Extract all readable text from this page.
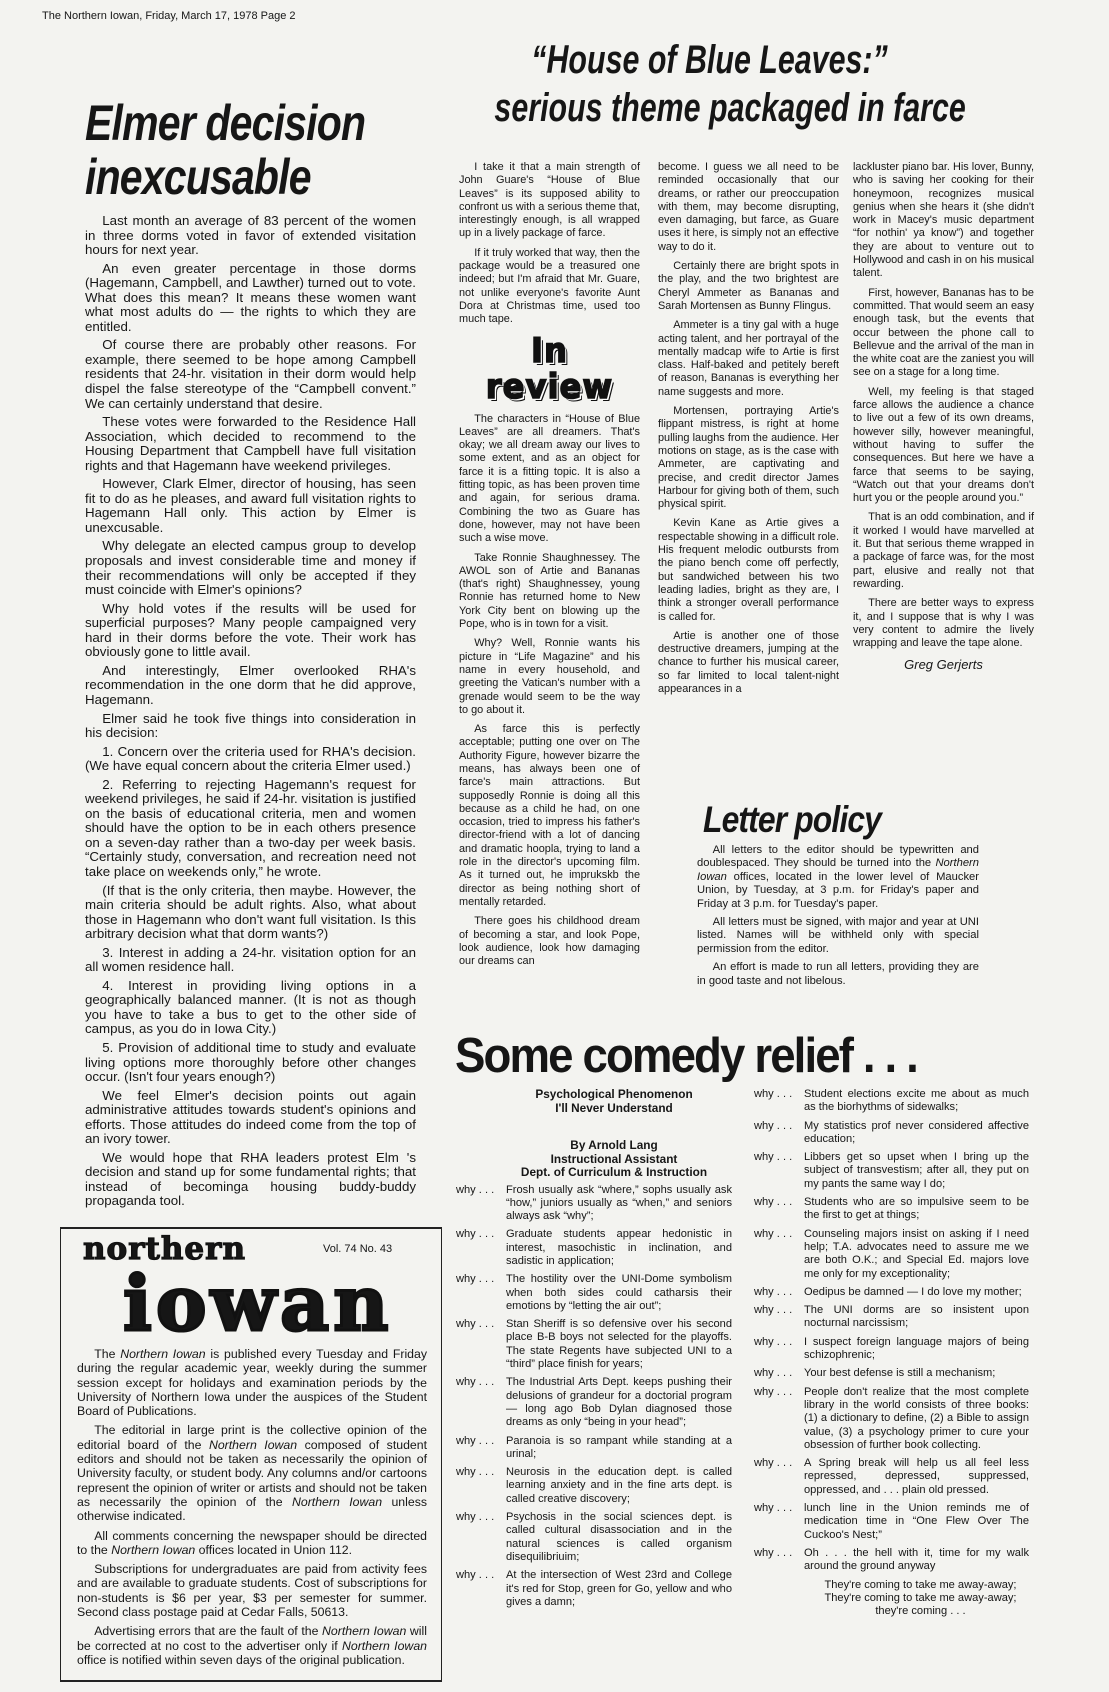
The Northern Iowan, Friday, March 17, 1978 Page 2
Elmer decision
inexcusable

Last month an average of 83 percent of the women in three dorms voted in favor of extended visitation hours for next year.

An even greater percentage in those dorms (Hagemann, Campbell, and Lawther) turned out to vote. What does this mean? It means these women want what most adults do — the rights to which they are entitled.

Of course there are probably other reasons. For example, there seemed to be hope among Campbell residents that 24-hr. visitation in their dorm would help dispel the false stereotype of the “Campbell convent.” We can certainly understand that desire.

These votes were forwarded to the Residence Hall Association, which decided to recommend to the Housing Department that Campbell have full visitation rights and that Hagemann have weekend privileges.

However, Clark Elmer, director of housing, has seen fit to do as he pleases, and award full visitation rights to Hagemann Hall only. This action by Elmer is unexcusable.

Why delegate an elected campus group to develop proposals and invest considerable time and money if their recommendations will only be accepted if they must coincide with Elmer's opinions?

Why hold votes if the results will be used for superficial purposes? Many people campaigned very hard in their dorms before the vote. Their work has obviously gone to little avail.

And interestingly, Elmer overlooked RHA's recommendation in the one dorm that he did approve, Hagemann.

Elmer said he took five things into consideration in his decision:

1. Concern over the criteria used for RHA's decision. (We have equal concern about the criteria Elmer used.)

2. Referring to rejecting Hagemann's request for weekend privileges, he said if 24-hr. visitation is justified on the basis of educational criteria, men and women should have the option to be in each others presence on a seven-day rather than a two-day per week basis. “Certainly study, conversation, and recreation need not take place on weekends only,” he wrote.

(If that is the only criteria, then maybe. However, the main criteria should be adult rights. Also, what about those in Hagemann who don't want full visitation. Is this arbitrary decision what that dorm wants?)

3. Interest in adding a 24-hr. visitation option for an all women residence hall.

4. Interest in providing living options in a geographically balanced manner. (It is not as though you have to take a bus to get to the other side of campus, as you do in Iowa City.)

5. Provision of additional time to study and evaluate living options more thoroughly before other changes occur. (Isn't four years enough?)

We feel Elmer's decision points out again administrative attitudes towards student's opinions and efforts. Those attitudes do indeed come from the top of an ivory tower.

We would hope that RHA leaders protest Elm 's decision and stand up for some fundamental rights; that instead of becominga housing buddy-buddy propaganda tool.

northern
iowan
Vol. 74 No. 43

The Northern Iowan is published every Tuesday and Friday during the regular academic year, weekly during the summer session except for holidays and examination periods by the University of Northern Iowa under the auspices of the Student Board of Publications.

The editorial in large print is the collective opinion of the editorial board of the Northern Iowan composed of student editors and should not be taken as necessarily the opinion of University faculty, or student body. Any columns and/or cartoons represent the opinion of writer or artists and should not be taken as necessarily the opinion of the Northern Iowan unless otherwise indicated.

All comments concerning the newspaper should be directed to the Northern Iowan offices located in Union 112.

Subscriptions for undergraduates are paid from activity fees and are available to graduate students. Cost of subscriptions for non-students is $6 per year, $3 per semester for summer. Second class postage paid at Cedar Falls, 50613.

Advertising errors that are the fault of the Northern Iowan will be corrected at no cost to the advertiser only if Northern Iowan office is notified within seven days of the original publication.

“House of Blue Leaves:”
serious theme packaged in farce

I take it that a main strength of John Guare's “House of Blue Leaves” is its supposed ability to confront us with a serious theme that, interestingly enough, is all wrapped up in a lively package of farce.

If it truly worked that way, then the package would be a treasured one indeed; but I'm afraid that Mr. Guare, not unlike everyone's favorite Aunt Dora at Christmas time, used too much tape.

In review

The characters in “House of Blue Leaves” are all dreamers. That's okay; we all dream away our lives to some extent, and as an object for farce it is a fitting topic. It is also a fitting topic, as has been proven time and again, for serious drama. Combining the two as Guare has done, however, may not have been such a wise move.

Take Ronnie Shaughnessey. The AWOL son of Artie and Bananas (that's right) Shaughnessey, young Ronnie has returned home to New York City bent on blowing up the Pope, who is in town for a visit.

Why? Well, Ronnie wants his picture in “Life Magazine” and his name in every household, and greeting the Vatican's number with a grenade would seem to be the way to go about it.

As farce this is perfectly acceptable; putting one over on The Authority Figure, however bizarre the means, has always been one of farce's main attractions. But supposedly Ronnie is doing all this because as a child he had, on one occasion, tried to impress his father's director-friend with a lot of dancing and dramatic hoopla, trying to land a role in the director's upcoming film. As it turned out, he imprukskb the director as being nothing short of mentally retarded.

There goes his childhood dream of becoming a star, and look Pope, look audience, look how damaging our dreams can

become. I guess we all need to be reminded occasionally that our dreams, or rather our preoccupation with them, may become disrupting, even damaging, but farce, as Guare uses it here, is simply not an effective way to do it.

Certainly there are bright spots in the play, and the two brightest are Cheryl Ammeter as Bananas and Sarah Mortensen as Bunny Flingus.

Ammeter is a tiny gal with a huge acting talent, and her portrayal of the mentally madcap wife to Artie is first class. Half-baked and petitely bereft of reason, Bananas is everything her name suggests and more.

Mortensen, portraying Artie's flippant mistress, is right at home pulling laughs from the audience. Her motions on stage, as is the case with Ammeter, are captivating and precise, and credit director James Harbour for giving both of them, such physical spirit.

Kevin Kane as Artie gives a respectable showing in a difficult role. His frequent melodic outbursts from the piano bench come off perfectly, but sandwiched between his two leading ladies, bright as they are, I think a stronger overall performance is called for.

Artie is another one of those destructive dreamers, jumping at the chance to further his musical career, so far limited to local talent-night appearances in a

lackluster piano bar. His lover, Bunny, who is saving her cooking for their honeymoon, recognizes musical genius when she hears it (she didn't work in Macey's music department “for nothin' ya know”) and together they are about to venture out to Hollywood and cash in on his musical talent.

First, however, Bananas has to be committed. That would seem an easy enough task, but the events that occur between the phone call to Bellevue and the arrival of the man in the white coat are the zaniest you will see on a stage for a long time.

Well, my feeling is that staged farce allows the audience a chance to live out a few of its own dreams, however silly, however meaningful, without having to suffer the consequences. But here we have a farce that seems to be saying, “Watch out that your dreams don't hurt you or the people around you.”

That is an odd combination, and if it worked I would have marvelled at it. But that serious theme wrapped in a package of farce was, for the most part, elusive and really not that rewarding.

There are better ways to express it, and I suppose that is why I was very content to admire the lively wrapping and leave the tape alone.

Greg Gerjerts
Letter policy

All letters to the editor should be typewritten and doublespaced. They should be turned into the Northern Iowan offices, located in the lower level of Maucker Union, by Tuesday, at 3 p.m. for Friday's paper and Friday at 3 p.m. for Tuesday's paper.

All letters must be signed, with major and year at UNI listed. Names will be withheld only with special permission from the editor.

An effort is made to run all letters, providing they are in good taste and not libelous.

Some comedy relief . . .
Psychological Phenomenon
I'll Never Understand
By Arnold Lang
Instructional Assistant
Dept. of Curriculum & Instruction
why . . .	Frosh usually ask “where,” sophs usually ask “how,” juniors usually as “when,” and seniors always ask “why”;
why . . .	Graduate students appear hedonistic in interest, masochistic in inclination, and sadistic in application;
why . . .	The hostility over the UNI-Dome symbolism when both sides could catharsis their emotions by “letting the air out”;
why . . .	Stan Sheriff is so defensive over his second place B-B boys not selected for the playoffs. The state Regents have subjected UNI to a “third” place finish for years;
why . . .	The Industrial Arts Dept. keeps pushing their delusions of grandeur for a doctorial program — long ago Bob Dylan diagnosed those dreams as only “being in your head”;
why . . .	Paranoia is so rampant while standing at a urinal;
why . . .	Neurosis in the education dept. is called learning anxiety and in the fine arts dept. is called creative discovery;
why . . .	Psychosis in the social sciences dept. is called cultural disassociation and in the natural sciences is called organism disequilibriuim;
why . . .	At the intersection of West 23rd and College it's red for Stop, green for Go, yellow and who gives a damn;
why . . .	Student elections excite me about as much as the biorhythms of sidewalks;
why . . .	My statistics prof never considered affective education;
why . . .	Libbers get so upset when I bring up the subject of transvestism; after all, they put on my pants the same way I do;
why . . .	Students who are so impulsive seem to be the first to get at things;
why . . .	Counseling majors insist on asking if I need help; T.A. advocates need to assure me we are both O.K.; and Special Ed. majors love me only for my exceptionality;
why . . .	Oedipus be damned — I do love my mother;
why . . .	The UNI dorms are so insistent upon nocturnal narcissism;
why . . .	I suspect foreign language majors of being schizophrenic;
why . . .	Your best defense is still a mechanism;
why . . .	People don't realize that the most complete library in the world consists of three books: (1) a dictionary to define, (2) a Bible to assign value, (3) a psychology primer to cure your obsession of further book collecting.
why . . .	A Spring break will help us all feel less repressed, depressed, suppressed, oppressed, and . . . plain old pressed.
why . . .	lunch line in the Union reminds me of medication time in “One Flew Over The Cuckoo's Nest;”
why . . .	Oh . . . the hell with it, time for my walk around the ground anyway
They're coming to take me away-away;
They're coming to take me away-away;
they're coming . . .
